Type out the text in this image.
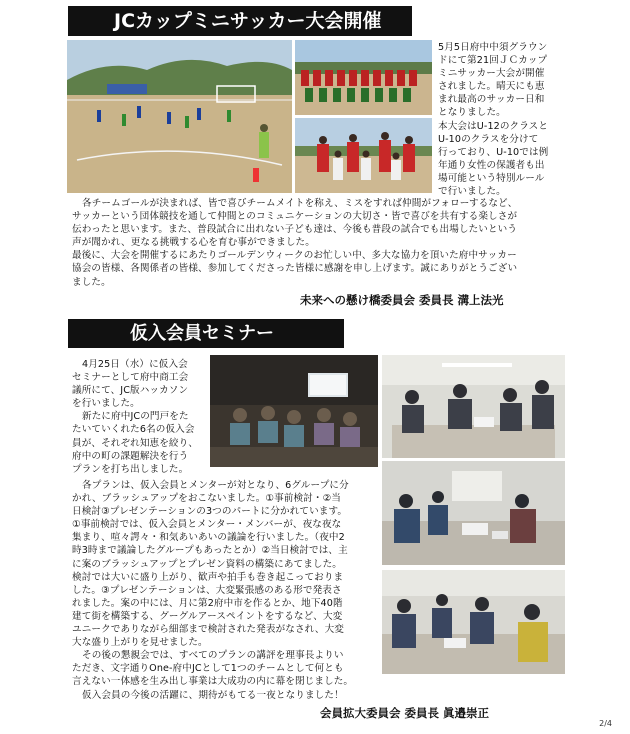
JCカップミニサッカー大会開催

5月5日府中中須グラウン

ドにて第21回ＪＣカップ

ミニサッカー大会が開催

されました。晴天にも恵

まれ最高のサッカー日和

となりました。

本大会はU-12のクラスと

U-10のクラスを分けて

行っており、U-10では例

年通り女性の保護者も出

場可能という特別ルール

で行いました。

各チームゴールが決まれば、皆で喜びチームメイトを称え、ミスをすれば仲間がフォローするなど、

サッカーという団体競技を通して仲間とのコミュニケーションの大切さ・皆で喜びを共有する楽しさが

伝わったと思います。また、普段試合に出れない子ども達は、今後も普段の試合でも出場したいという

声が聞かれ、更なる挑戦する心を育む事ができました。

最後に、大会を開催するにあたりゴールデンウィークのお忙しい中、多大な協力を頂いた府中サッカー

協会の皆様、各関係者の皆様、参加してくださった皆様に感謝を申し上げます。誠にありがとうござい

ました。

未来への懸け橋委員会 委員長 溝上法光
仮入会員セミナー

4月25日（水）に仮入会

セミナーとして府中商工会

議所にて、JC版ハッカソン

を行いました。

新たに府中JCの門戸をた

たいていくれた6名の仮入会

員が、それぞれ知恵を絞り、

府中の町の課題解決を行う

プランを打ち出しました。

各プランは、仮入会員とメンターが対となり、6グループに分

かれ、ブラッシュアップをおこないました。①事前検討・②当

日検討③プレゼンテーションの3つのパートに分かれています。

①事前検討では、仮入会員とメンター・メンバーが、夜な夜な

集まり、喧々諤々・和気あいあいの議論を行いました。（夜中2

時3時まで議論したグループもあったとか）②当日検討では、主

に案のブラッシュアップとプレゼン資料の構築にあてました。

検討では大いに盛り上がり、歓声や拍手も巻き起こっておりま

した。③プレゼンテーションは、大変緊張感のある形で発表さ

れました。案の中には、月に第2府中市を作るとか、地下40階

建て街を構築する、グーグルアースペイントをするなど、大変

ユニークでありながら細部まで検討された発表がなされ、大変

大な盛り上がりを見せました。

その後の懇親会では、すべてのプランの講評を理事長よりい

ただき、文字通りOne-府中JCとして1つのチームとして何とも

言えない一体感を生み出し事業は大成功の内に幕を閉じました。

仮入会員の今後の活躍に、期待がもてる一夜となりました！

会員拡大委員会 委員長 眞邉崇正
2/4
